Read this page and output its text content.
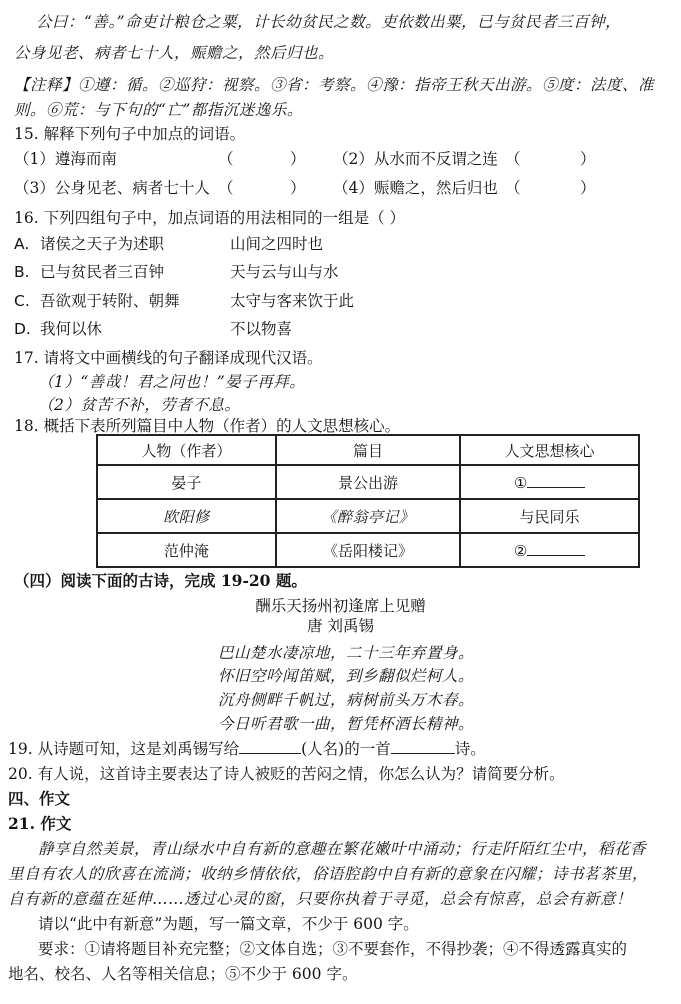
公曰：“善。”命吏计粮仓之粟，计长幼贫民之数。吏依数出粟，已与贫民者三百钟，
公身见老、病者七十人，赈赡之，然后归也。
【注释】①遵：循。②巡狩：视察。③省：考察。④豫：指帝王秋天出游。⑤度：法度、准
则。⑥荒：与下句的“亡”都指沉迷逸乐。
15. 解释下列句子中加点的词语。
（1）遵海而南	（	） （2）从水而不反谓之连 （	）
（3）公身见老、病者七十人 （	） （4）赈赡之，然后归也 （	）
16. 下列四组句子中，加点词语的用法相同的一组是（ ）
A. 诸侯之天子为述职	山间之四时也
B. 已与贫民者三百钟	天与云与山与水
C. 吾欲观于转附、朝舞	太守与客来饮于此
D. 我何以休	不以物喜
17. 请将文中画横线的句子翻译成现代汉语。
（1）“善哉！君之问也！”晏子再拜。
（2）贫苦不补，劳者不息。
18. 概括下表所列篇目中人物（作者）的人文思想核心。
人物（作者）	篇目	人文思想核心
晏子	景公出游	①
欧阳修	《醉翁亭记》	与民同乐
范仲淹	《岳阳楼记》	②
（四）阅读下面的古诗，完成 19-20 题。
酬乐天扬州初逢席上见赠
唐 刘禹锡
巴山楚水凄凉地，二十三年弃置身。
怀旧空吟闻笛赋，到乡翻似烂柯人。
沉舟侧畔千帆过，病树前头万木春。
今日听君歌一曲，暂凭杯酒长精神。
19. 从诗题可知，这是刘禹锡写给	(人名)的一首	诗。
20. 有人说，这首诗主要表达了诗人被贬的苦闷之情，你怎么认为？请简要分析。
四、作文
21. 作文
静享自然美景，青山绿水中自有新的意趣在繁花嫩叶中涌动；行走阡陌红尘中，稻花香
里自有农人的欣喜在流淌；收纳乡情依依，俗语腔韵中自有新的意象在闪耀；诗书茗茶里，
自有新的意蕴在延伸……透过心灵的窗，只要你执着于寻觅，总会有惊喜，总会有新意！
请以“此中有新意”为题，写一篇文章，不少于 600 字。
要求：①请将题目补充完整；②文体自选；③不要套作，不得抄袭；④不得透露真实的
地名、校名、人名等相关信息；⑤不少于 600 字。
